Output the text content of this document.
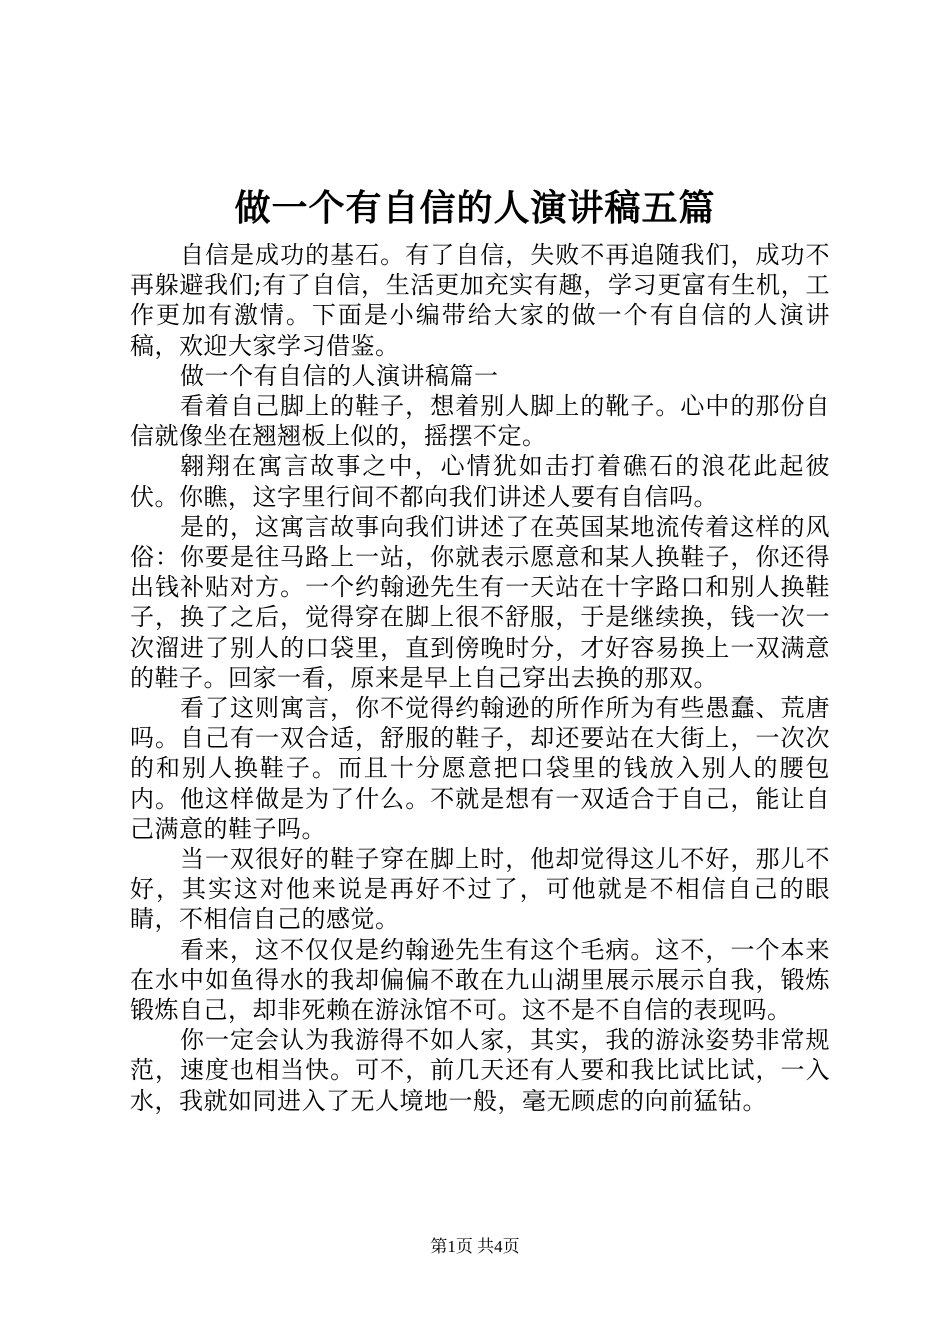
做一个有自信的人演讲稿五篇

自信是成功的基石。有了自信，失败不再追随我们，成功不再躲避我们;有了自信，生活更加充实有趣，学习更富有生机，工作更加有激情。下面是小编带给大家的做一个有自信的人演讲稿，欢迎大家学习借鉴。

做一个有自信的人演讲稿篇一

看着自己脚上的鞋子，想着别人脚上的靴子。心中的那份自信就像坐在翘翘板上似的，摇摆不定。

翱翔在寓言故事之中，心情犹如击打着礁石的浪花此起彼伏。你瞧，这字里行间不都向我们讲述人要有自信吗。

是的，这寓言故事向我们讲述了在英国某地流传着这样的风俗：你要是往马路上一站，你就表示愿意和某人换鞋子，你还得出钱补贴对方。一个约翰逊先生有一天站在十字路口和别人换鞋子，换了之后，觉得穿在脚上很不舒服，于是继续换，钱一次一次溜进了别人的口袋里，直到傍晚时分，才好容易换上一双满意的鞋子。回家一看，原来是早上自己穿出去换的那双。

看了这则寓言，你不觉得约翰逊的所作所为有些愚蠢、荒唐吗。自己有一双合适，舒服的鞋子，却还要站在大街上，一次次的和别人换鞋子。而且十分愿意把口袋里的钱放入别人的腰包内。他这样做是为了什么。不就是想有一双适合于自己，能让自己满意的鞋子吗。

当一双很好的鞋子穿在脚上时，他却觉得这儿不好，那儿不好，其实这对他来说是再好不过了，可他就是不相信自己的眼睛，不相信自己的感觉。

看来，这不仅仅是约翰逊先生有这个毛病。这不，一个本来在水中如鱼得水的我却偏偏不敢在九山湖里展示展示自我，锻炼锻炼自己，却非死赖在游泳馆不可。这不是不自信的表现吗。

你一定会认为我游得不如人家，其实，我的游泳姿势非常规范，速度也相当快。可不，前几天还有人要和我比试比试，一入水，我就如同进入了无人境地一般，毫无顾虑的向前猛钻。

第1页 共4页
